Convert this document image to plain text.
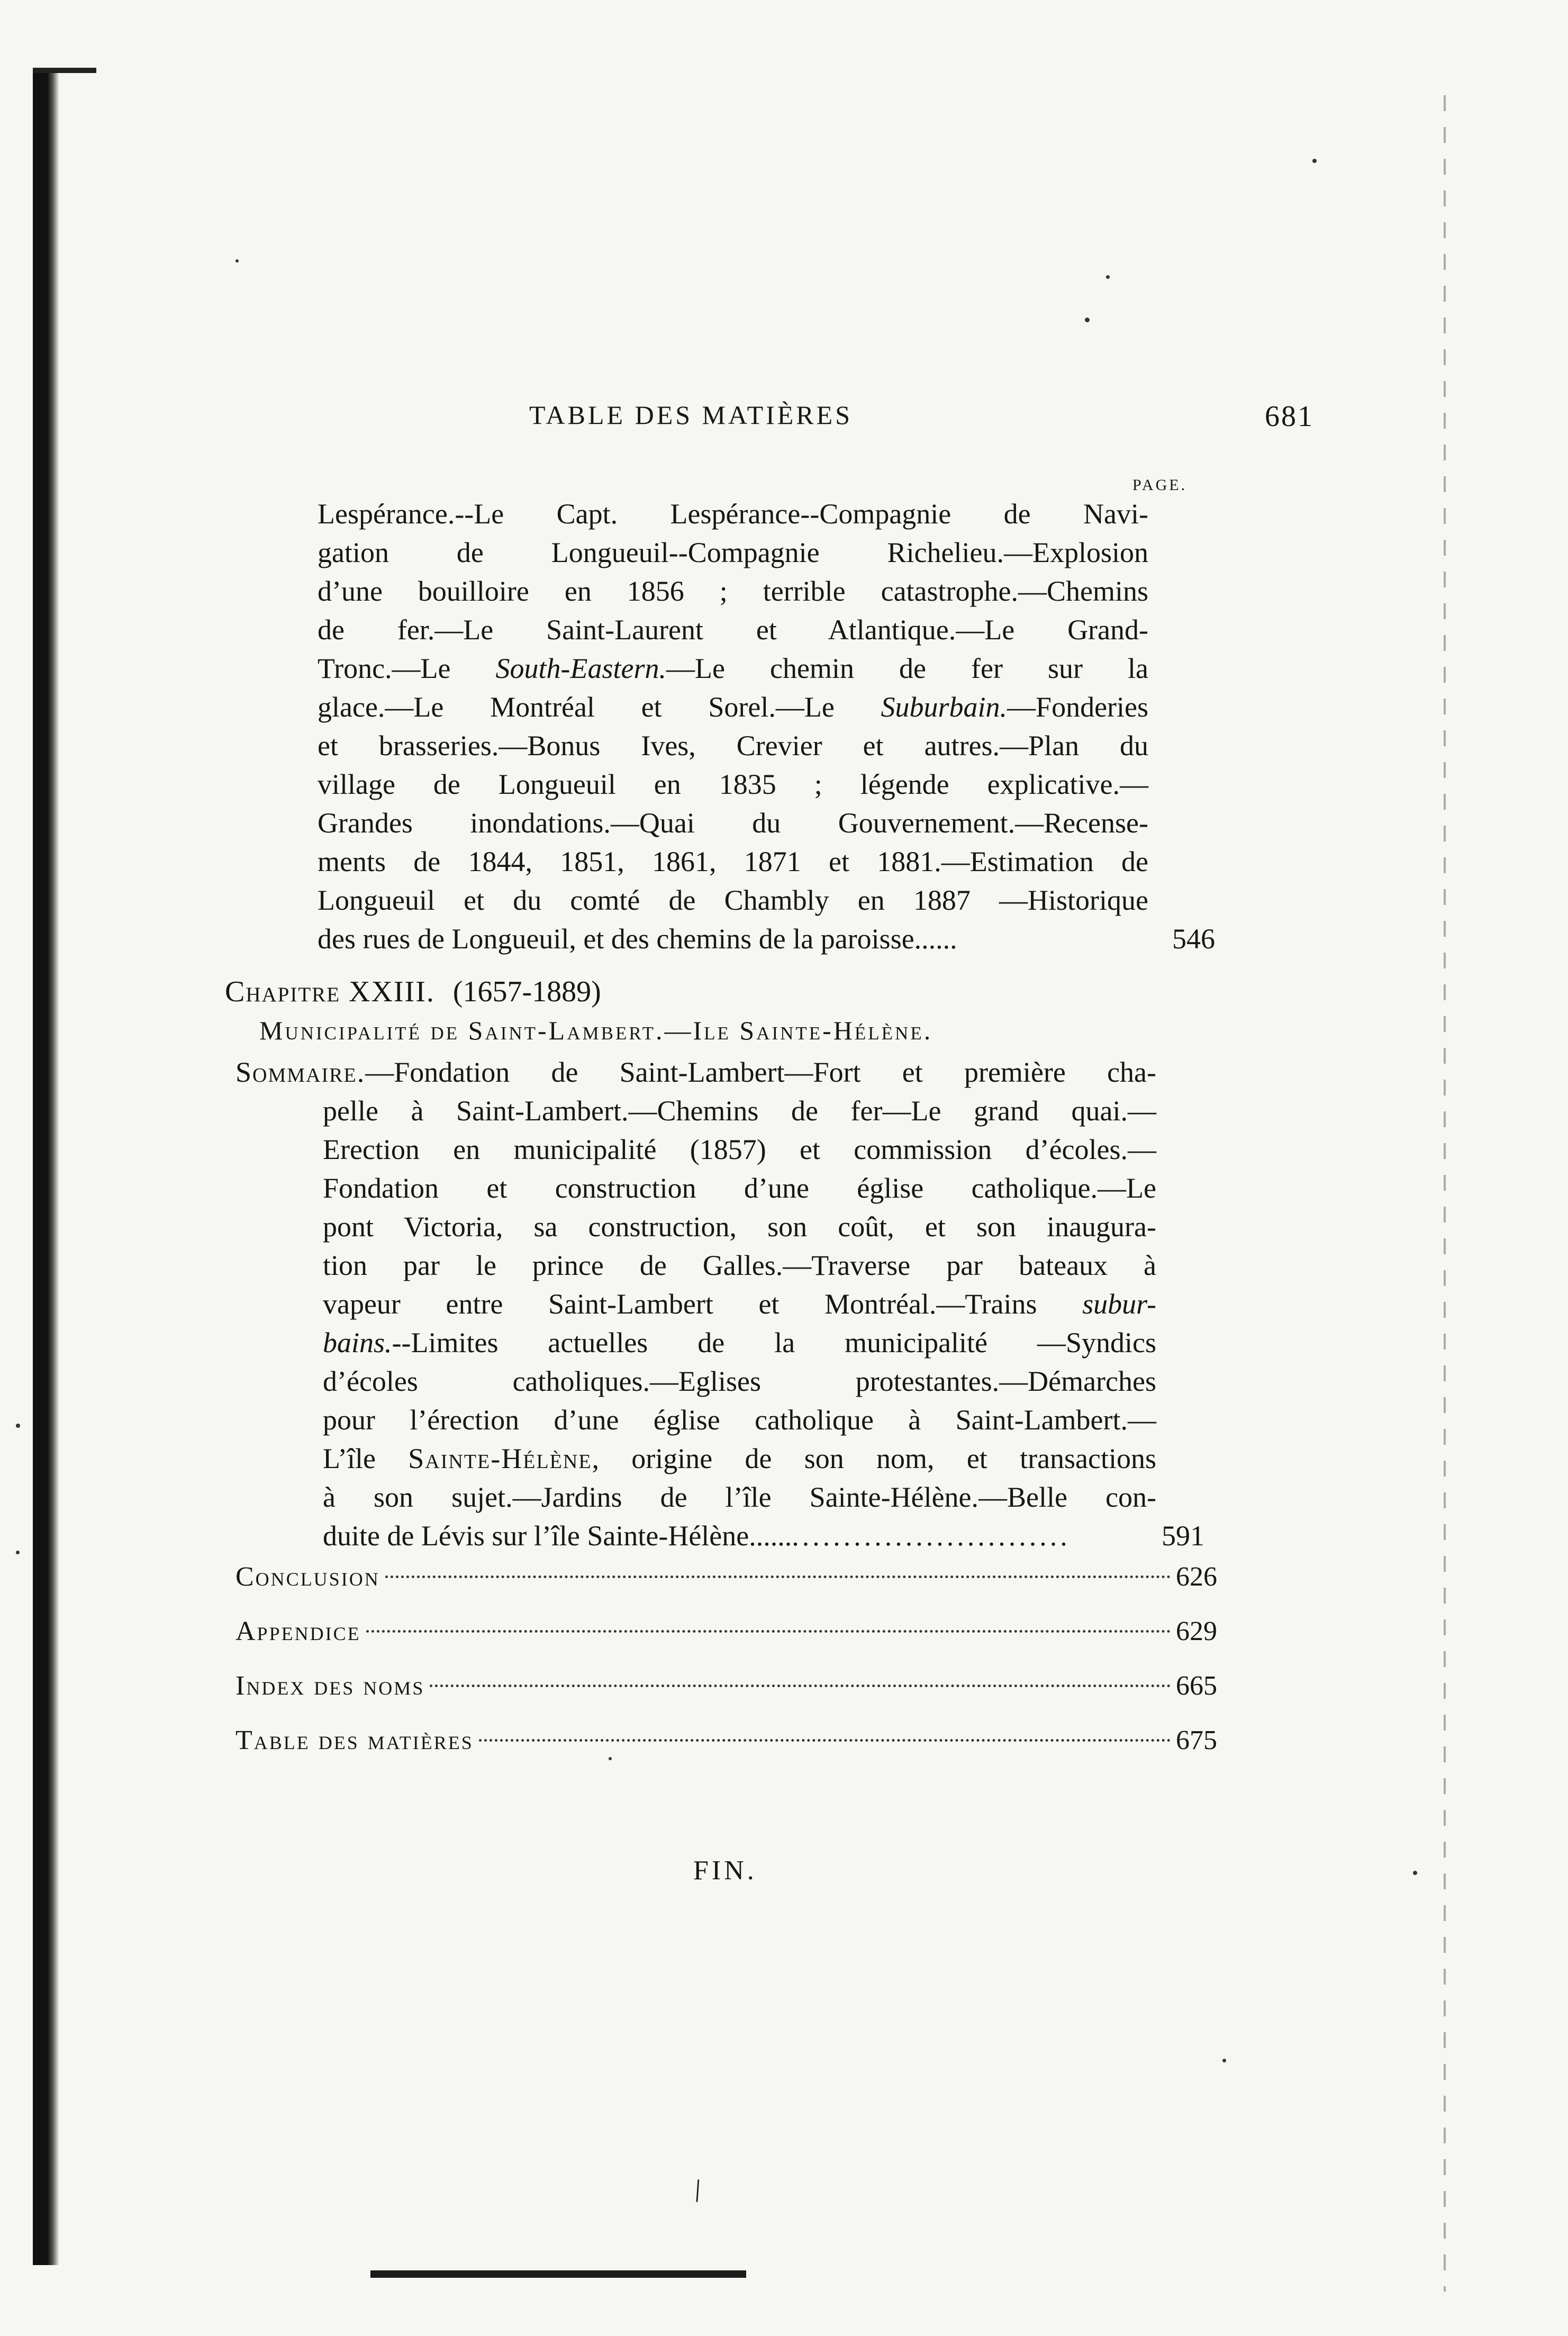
TABLE DES MATIÈRES	681
PAGE.
Lespérance.--Le Capt. Lespérance--Compagnie de Navi-
gation de Longueuil--Compagnie Richelieu.—Explosion
d’une bouilloire en 1856 ; terrible catastrophe.—Chemins
de fer.—Le Saint-Laurent et Atlantique.—Le Grand-
Tronc.—Le South-Eastern.—Le chemin de fer sur la
glace.—Le Montréal et Sorel.—Le Suburbain.—Fonderies
et brasseries.—Bonus Ives, Crevier et autres.—Plan du
village de Longueuil en 1835 ; légende explicative.—
Grandes inondations.—Quai du Gouvernement.—Recense-
ments de 1844, 1851, 1861, 1871 et 1881.—Estimation de
Longueuil et du comté de Chambly en 1887 —Historique
des rues de Longueuil, et des chemins de la paroisse......	546
Chapitre XXIII. (1657-1889)
Municipalité de Saint-Lambert.—Ile Sainte-Hélène.
Sommaire.—Fondation de Saint-Lambert—Fort et première cha-
pelle à Saint-Lambert.—Chemins de fer—Le grand quai.—
Erection en municipalité (1857) et commission d’écoles.—
Fondation et construction d’une église catholique.—Le
pont Victoria, sa construction, son coût, et son inaugura-
tion par le prince de Galles.—Traverse par bateaux à
vapeur entre Saint-Lambert et Montréal.—Trains subur-
bains.--Limites actuelles de la municipalité —Syndics
d’écoles catholiques.—Eglises protestantes.—Démarches
pour l’érection d’une église catholique à Saint-Lambert.—
L’île Sainte-Hélène, origine de son nom, et transactions
à son sujet.—Jardins de l’île Sainte-Hélène.—Belle con-
duite de Lévis sur l’île Sainte-Hélène.................................	591
Conclusion	626
Appendice	629
Index des noms	665
Table des matières	675
FIN.
/
